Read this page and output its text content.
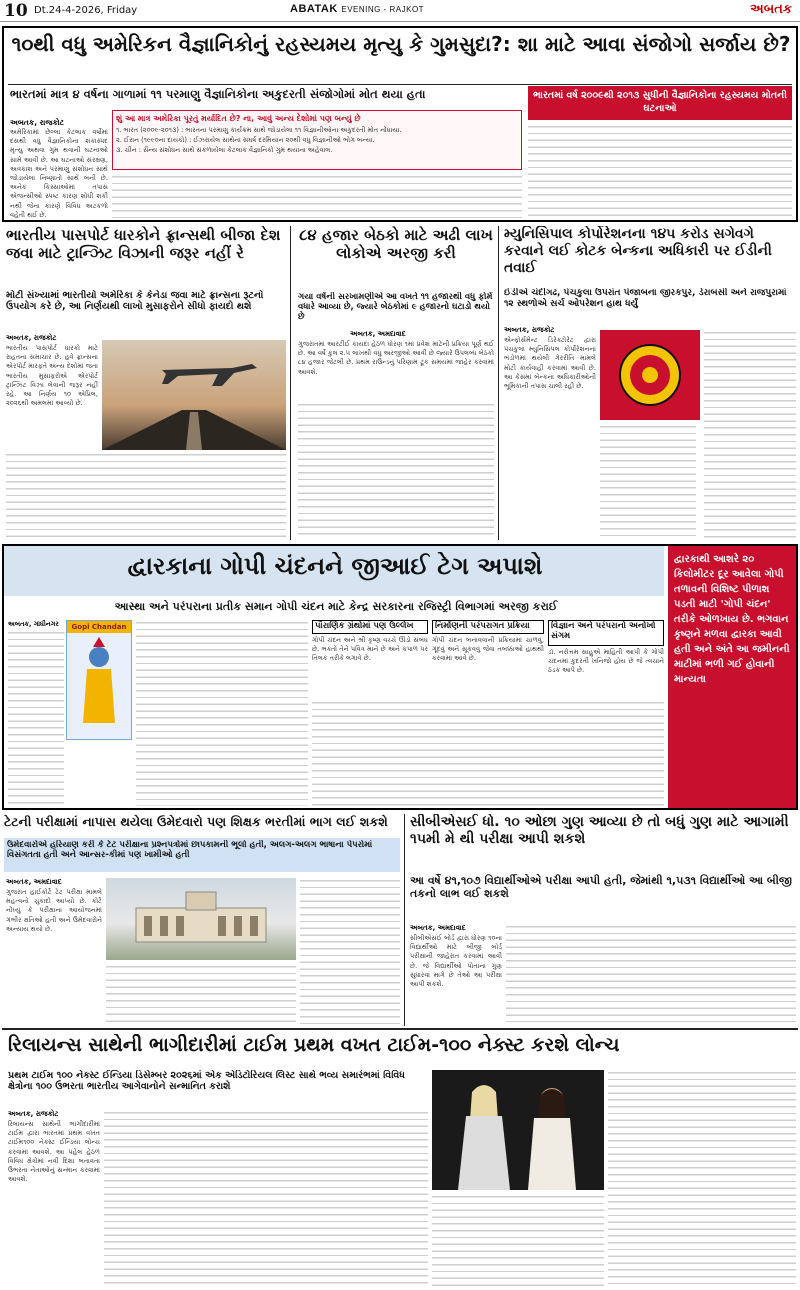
10 Dt.24-4-2026, Friday	ABATAK EVENING - RAJKOT	અબતક
૧૦થી વધુ અમેરિકન વૈજ્ઞાનિકોનું રહસ્યમય મૃત્યુ કે ગુમસુદા?: શા માટે આવા સંજોગો સર્જાય છે?
ભારતમાં માત્ર ૪ વર્ષના ગાળામાં ૧૧ પરમાણુ વૈજ્ઞાનિકોના અકુદરતી સંજોગોમાં મોત થયા હતા	ભારતમાં વર્ષ ૨૦૦૯થી ૨૦૧૩ સુધીની વૈજ્ઞાનિકોના રહસ્યમય મોતની ઘટનાઓ
અબતક, રાજકોટ
અમેરિકામાં છેલ્લા કેટલાક વર્ષોમાં દસથી વધુ વૈજ્ઞાનિકોના શંકાસ્પદ મૃત્યુ અથવા ગુમ થવાની ઘટનાઓ સામે આવી છે. આ ઘટનાઓ સંરક્ષણ, અવકાશ અને પરમાણુ સંશોધન સાથે જોડાયેલા નિષ્ણાતો સાથે બની છે. અનેક કિસ્સાઓમાં તપાસ એજન્સીઓ સ્પષ્ટ કારણ શોધી શકી નથી જેના કારણે વિવિધ અટકળો વહેતી થઈ છે.
શું આ માત્ર અમેરિકા પૂરતું મર્યાદિત છે? ના, આવું અન્ય દેશોમાં પણ બન્યું છે
૧. ભારત (૨૦૦૯-૨૦૧૩) : ભારતના પરમાણુ કાર્યક્રમ સાથે જોડાયેલા ૧૧ વિજ્ઞાનીઓના અકુદરતી મોત નોંધાયા.
૨. ઈરાન (૧૯૯૦ના દાયકો) : ઈઝરાયેલ સાથેના સંઘર્ષ દરમિયાન ૨૦થી વધુ વિજ્ઞાનીઓ ભોગ બન્યા.
૩. ચીન : સૈન્ય સંશોધન સાથે સંકળાયેલા કેટલાક વૈજ્ઞાનિકો ગુમ થયાના અહેવાલ.
ભારતીય પાસપોર્ટ ધારકોને ફ્રાન્સથી બીજા દેશ જવા માટે ટ્રાન્ઝિટ વિઝાની જરૂર નહીં રે
મોટી સંખ્યામાં ભારતીયો અમેરિકા કે કેનેડા જવા માટે ફ્રાન્સના રૂટનો ઉપયોગ કરે છે, આ નિર્ણયથી લાખો મુસાફરોને સીધો ફાયદો થશે
અબતક, રાજકોટ
ભારતીય પાસપોર્ટ ધારકો માટે રાહતના સમાચાર છે. હવે ફ્રાન્સના એરપોર્ટ મારફતે અન્ય દેશોમાં જતા ભારતીય મુસાફરોએ એરપોર્ટ ટ્રાન્ઝિટ વિઝા લેવાની જરૂર નહીં રહે. આ નિર્ણય ૧૦ એપ્રિલ, ૨૦૨૬થી અમલમાં આવ્યો છે.
૮૪ હજાર બેઠકો માટે અઢી લાખ લોકોએ અરજી કરી
ગયા વર્ષની સરખામણીએ આ વખતે ૧૧ હજારથી વધુ ફોર્મ વધારે આવ્યા છે, જ્યારે બેઠકોમાં ૯ હજારનો ઘટાડો થયો છે
અબતક, અમદાવાદ
ગુજરાતમાં આરટીઈ કાયદા હેઠળ ધોરણ ૧માં પ્રવેશ માટેની પ્રક્રિયા પૂર્ણ થઈ છે. આ વર્ષે કુલ ૨.૫ લાખથી વધુ અરજીઓ આવી છે જ્યારે ઉપલબ્ધ બેઠકો ૮૪ હજાર જેટલી છે. પ્રથમ રાઉન્ડનું પરિણામ ટૂંક સમયમાં જાહેર કરવામાં આવશે.
મ્યુનિસિપાલ કોર્પોરેશનના ૧૪૫ કરોડ સગેવગે કરવાને લઈ કોટક બેન્કના અધિકારી પર ઈડીની તવાઈ
ઈડીએ ચંદીગઢ, પંચકુલા ઉપરાંત પંજાબના જીરકપુર, ડેરાબસી અને રાજપુરામાં ૧૨ સ્થળોએ સર્ચ ઓપરેશન હાથ ધર્યું
અબતક, રાજકોટ
એન્ફોર્સમેન્ટ ડિરેક્ટોરેટ દ્વારા પંચકુલા મ્યુનિસિપલ કોર્પોરેશનના ભંડોળમાં થયેલી ગેરરીતિ મામલે મોટી કાર્યવાહી કરવામાં આવી છે. આ કેસમાં બેન્કના અધિકારીઓની ભૂમિકાની તપાસ ચાલી રહી છે.
દ્વારકાના ગોપી ચંદનને જીઆઈ ટેગ અપાશે
આસ્થા અને પરંપરાના પ્રતીક સમાન ગોપી ચંદન માટે કેન્દ્ર સરકારના રજિસ્ટ્રી વિભાગમાં અરજી કરાઈ
અબતક, ગાંધીનગર	Gopi Chandan	પૌરાણિક ગ્રંથોમાં પણ ઉલ્લેખ
ગોપી ચંદન અને શ્રી કૃષ્ણ વચ્ચે ઊંડો સંબંધ છે. ભક્તો તેને પવિત્ર માને છે અને કપાળ પર તિલક તરીકે લગાવે છે.
નિર્માણની પરંપરાગત પ્રક્રિયા
ગોપી ચંદન બનાવવાની પ્રક્રિયામાં ચાળવું, ગૂંદવું અને સૂકવવું જેવા તબક્કાઓ હાથથી કરવામાં આવે છે.
વિજ્ઞાન અને પરંપરાનો અનોખો સંગમ
ડૉ. નરોત્તમ સાહુએ માહિતી આપી કે ગોપી ચંદનમાં કુદરતી ખનિજો હોય છે જે ત્વચાને ઠંડક આપે છે.
દ્વારકાથી આશરે ૨૦ કિલોમીટર દૂર આવેલા ગોપી તળાવની વિશિષ્ટ પીળાશ પડતી માટી 'ગોપી ચંદન' તરીકે ઓળખાય છે. ભગવાન કૃષ્ણને મળવા દ્વારકા આવી હતી અને અંતે આ જમીનની માટીમાં ભળી ગઈ હોવાની માન્યતા
ટેટની પરીક્ષામાં નાપાસ થયેલા ઉમેદવારો પણ શિક્ષક ભરતીમાં ભાગ લઈ શકશે
ઉમેદવારોએ હરિયાણ કરી કે ટેટ પરીક્ષાના પ્રશ્નપત્રોમાં છાપકામની ભૂલો હતી, અલગ-અલગ ભાષાના પેપરોમાં વિસંગતતા હતી અને આન્સર-કીમાં પણ ખામીઓ હતી
અબતક, અમદાવાદ
ગુજરાત હાઈકોર્ટે ટેટ પરીક્ષા મામલે મહત્વનો ચુકાદો આપ્યો છે. કોર્ટે નોંધ્યું કે પરીક્ષાના આયોજનમાં ગંભીર ક્ષતિઓ હતી અને ઉમેદવારોને અન્યાય થયો છે.
સીબીએસઈ ધો. ૧૦ ઓછા ગુણ આવ્યા છે તો બધું ગુણ માટે આગામી ૧૫મી મે થી પરીક્ષા આપી શકશે
આ વર્ષે ૪૧,૧૦૭ વિદ્યાર્થીઓએ પરીક્ષા આપી હતી, જેમાંથી ૧,૫૩૧ વિદ્યાર્થીઓ આ બીજી તકનો લાભ લઈ શકશે
અબતક, અમદાવાદ
સીબીએસઈ બોર્ડ દ્વારા ધોરણ ૧૦ના વિદ્યાર્થીઓ માટે બીજી બોર્ડ પરીક્ષાની જાહેરાત કરવામાં આવી છે. જે વિદ્યાર્થીઓ પોતાના ગુણ સુધારવા માગે છે તેઓ આ પરીક્ષા આપી શકશે.
રિલાયન્સ સાથેની ભાગીદારીમાં ટાઈમ પ્રથમ વખત ટાઈમ-૧૦૦ નેક્સ્ટ કરશે લોન્ચ
પ્રથમ ટાઈમ ૧૦૦ નેક્સ્ટ ઈન્ડિયા ડિસેમ્બર ૨૦૨૬માં એક એડિટોરિયલ લિસ્ટ સાથે ભવ્ય સમારંભમાં વિવિધ ક્ષેત્રોના ૧૦૦ ઉભરતા ભારતીય આગેવાનોને સન્માનિત કરાશે
અબતક, રાજકોટ
રિલાયન્સ સાથેની ભાગીદારીમાં ટાઈમ દ્વારા ભારતમાં પ્રથમ વખત ટાઈમ૧૦૦ નેક્સ્ટ ઈન્ડિયા લોન્ચ કરવામાં આવશે. આ પહેલ હેઠળ વિવિધ ક્ષેત્રોમાં નવી દિશા બતાવતા ઉભરતા નેતાઓનું સન્માન કરવામાં આવશે.
